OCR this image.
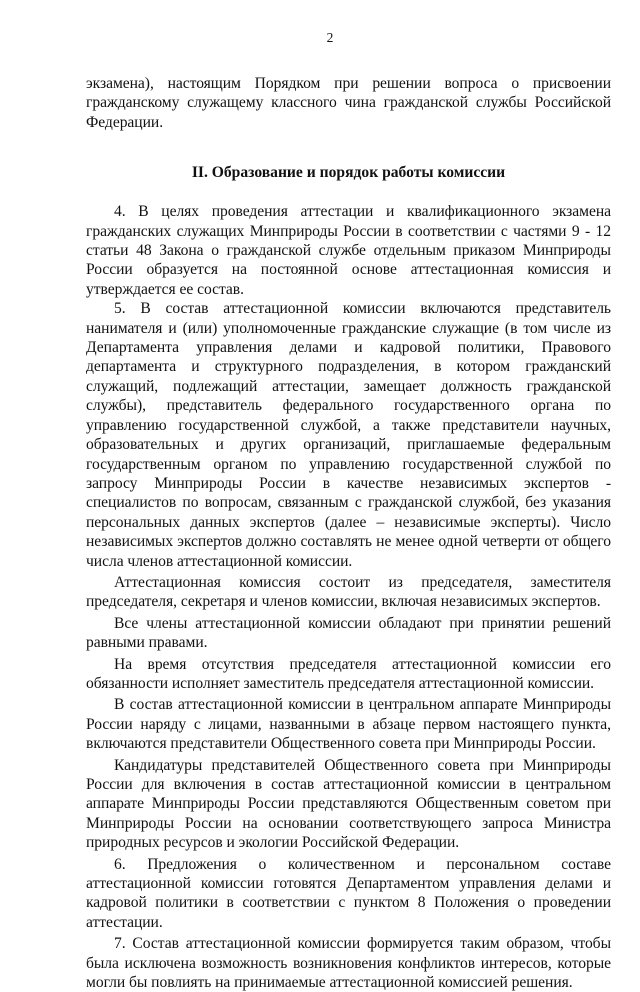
2

экзамена), настоящим Порядком при решении вопроса о присвоении гражданскому служащему классного чина гражданской службы Российской Федерации.

II. Образование и порядок работы комиссии

4. В целях проведения аттестации и квалификационного экзамена гражданских служащих Минприроды России в соответствии с частями 9 - 12 статьи 48 Закона о гражданской службе отдельным приказом Минприроды России образуется на постоянной основе аттестационная комиссия и утверждается ее состав.

5. В состав аттестационной комиссии включаются представитель нанимателя и (или) уполномоченные гражданские служащие (в том числе из Департамента управления делами и кадровой политики, Правового департамента и структурного подразделения, в котором гражданский служащий, подлежащий аттестации, замещает должность гражданской службы), представитель федерального государственного органа по управлению государственной службой, а также представители научных, образовательных и других организаций, приглашаемые федеральным государственным органом по управлению государственной службой по запросу Минприроды России в качестве независимых экспертов - специалистов по вопросам, связанным с гражданской службой, без указания персональных данных экспертов (далее – независимые эксперты). Число независимых экспертов должно составлять не менее одной четверти от общего числа членов аттестационной комиссии.

Аттестационная комиссия состоит из председателя, заместителя председателя, секретаря и членов комиссии, включая независимых экспертов.

Все члены аттестационной комиссии обладают при принятии решений равными правами.

На время отсутствия председателя аттестационной комиссии его обязанности исполняет заместитель председателя аттестационной комиссии.

В состав аттестационной комиссии в центральном аппарате Минприроды России наряду с лицами, названными в абзаце первом настоящего пункта, включаются представители Общественного совета при Минприроды России.

Кандидатуры представителей Общественного совета при Минприроды России для включения в состав аттестационной комиссии в центральном аппарате Минприроды России представляются Общественным советом при Минприроды России на основании соответствующего запроса Министра природных ресурсов и экологии Российской Федерации.

6. Предложения о количественном и персональном составе аттестационной комиссии готовятся Департаментом управления делами и кадровой политики в соответствии с пунктом 8 Положения о проведении аттестации.

7. Состав аттестационной комиссии формируется таким образом, чтобы была исключена возможность возникновения конфликтов интересов, которые могли бы повлиять на принимаемые аттестационной комиссией решения.
